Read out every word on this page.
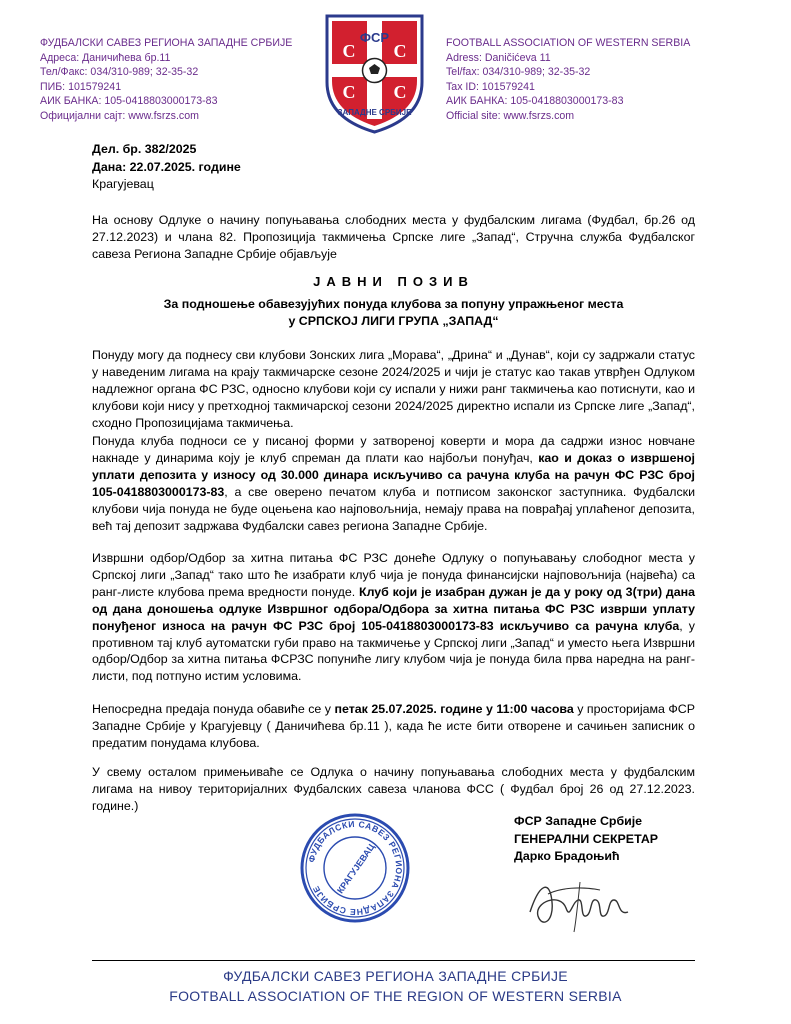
ФУДБАЛСКИ САВЕЗ РЕГИОНА ЗАПАДНЕ СРБИЈЕ
Адреса: Даничићева бр.11
Тел/Факс: 034/310-989; 32-35-32
ПИБ: 101579241
АИК БАНКА: 105-0418803000173-83
Официјални сајт: www.fsrzs.com
ФСР
С С
С С
ЗАПАДНЕ СРБИЈЕ
FOOTBALL ASSOCIATION OF WESTERN SERBIA
Adress: Daničićeva 11
Tel/fax: 034/310-989; 32-35-32
Tax ID: 101579241
АИК БАНКА: 105-0418803000173-83
Official site: www.fsrzs.com
Дел. бр. 382/2025
Дана: 22.07.2025. године
Крагујевац

На основу Одлуке о начину попуњавања слободних места у фудбалским лигама (Фудбал, бр.26 од 27.12.2023) и члана 82. Пропозиција такмичења Српске лиге „Запад“, Стручна служба Фудбалског савеза Региона Западне Србије објављује

ЈАВНИ ПОЗИВ
За подношење обавезујућих понуда клубова за попуну упражњеног места
у СРПСКОЈ ЛИГИ ГРУПА „ЗАПАД“

Понуду могу да поднесу сви клубови Зонских лига „Морава“, „Дрина“ и „Дунав“, који су задржали статус у наведеним лигама на крају такмичарске сезоне 2024/2025 и чији је статус као такав утврђен Одлуком надлежног органа ФС РЗС, односно клубови који су испали у нижи ранг такмичења као потиснути, као и клубови који нису у претходној такмичарској сезони 2024/2025 директно испали из Српске лиге „Запад“, сходно Пропозицијама такмичења.

Понуда клуба подноси се у писаној форми у затвореној коверти и мора да садржи износ новчане накнаде у динарима коју је клуб спреман да плати као најбољи понуђач, као и доказ о извршеној уплати депозита у износу од 30.000 динара искључиво са рачуна клуба на рачун ФС РЗС број 105-0418803000173-83, а све оверено печатом клуба и потписом законског заступника. Фудбалски клубови чија понуда не буде оцењена као најповољнија, немају права на поврађај уплаћеног депозита, већ тај депозит задржава Фудбалски савез региона Западне Србије.

Извршни одбор/Одбор за хитна питања ФС РЗС донеће Одлуку о попуњавању слободног места у Српској лиги „Запад“ тако што ће изабрати клуб чија је понуда финансијски најповољнија (највећа) са ранг-листе клубова према вредности понуде. Клуб који је изабран дужан је да у року од 3(три) дана од дана доношења одлуке Извршног одбора/Одбора за хитна питања ФС РЗС изврши уплату понуђеног износа на рачун ФС РЗС број 105-0418803000173-83 искључиво са рачуна клуба, у противном тај клуб аутоматски губи право на такмичење у Српској лиги „Запад“ и уместо њега Извршни одбор/Одбор за хитна питања ФСРЗС попуниће лигу клубом чија је понуда била прва наредна на ранг-листи, под потпуно истим условима.

Непосредна предаја понуда обавиће се у петак 25.07.2025. године у 11:00 часова у просторијама ФСР Западне Србије у Крагујевцу ( Даничићева бр.11 ), када ће исте бити отворене и сачињен записник о предатим понудама клубова.

У свему осталом примењиваће се Одлука о начину попуњавања слободних места у фудбалским лигама на нивоу територијалних Фудбалских савеза чланова ФСС ( Фудбал број 26 од 27.12.2023. године.)

ФУДБАЛСКИ САВЕЗ РЕГИОНА ЗАПАДНЕ СРБИЈЕ	КРАГУЈЕВАЦ
ФСР Западне Србије
ГЕНЕРАЛНИ СЕКРЕТАР
Дарко Брадоњић
ФУДБАЛСКИ САВЕЗ РЕГИОНА ЗАПАДНЕ СРБИЈЕ
FOOTBALL ASSOCIATION OF THE REGION OF WESTERN SERBIA
